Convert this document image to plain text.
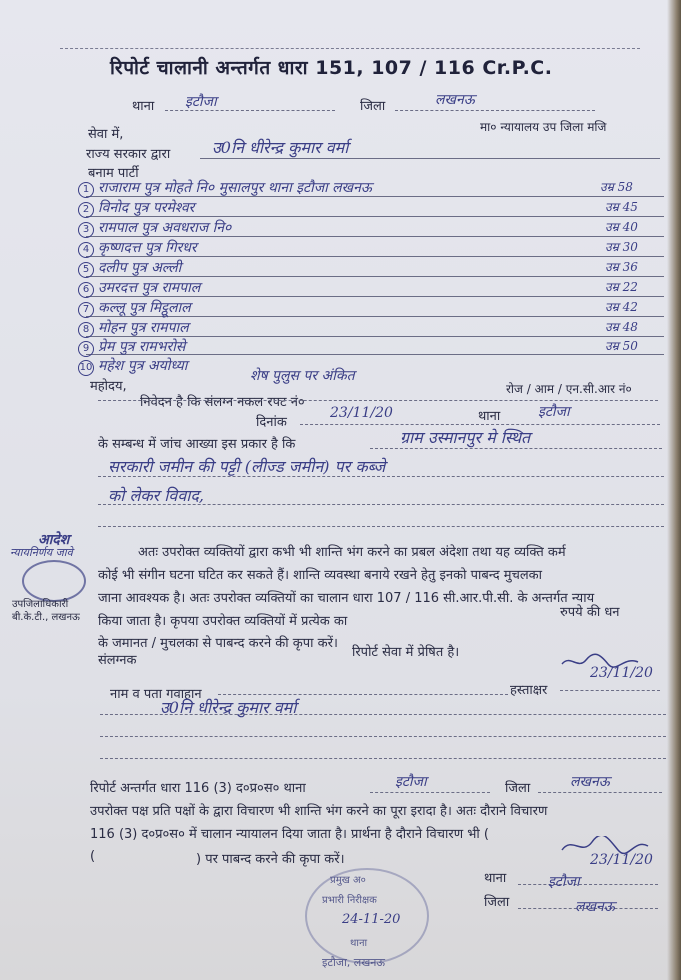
रिपोर्ट चालानी अन्तर्गत धारा 151, 107 / 116 Cr.P.C.
थाना इटौजा	जिला	लखनऊ
मा० न्यायालय उप जिला मजि
सेवा में,
राज्य सरकार द्वारा	उ0नि धीरेन्द्र कुमार वर्मा
बनाम पार्टी
1 राजाराम पुत्र मोहते नि० मुसालपुर थाना इटौजा लखनऊ	उम्र 58
2 विनोद पुत्र परमेश्वर	उम्र 45
3 रामपाल पुत्र अवधराज नि०	उम्र 40
4 कृष्णदत्त पुत्र गिरधर	उम्र 30
5 दलीप पुत्र अल्ली	उम्र 36
6 उमरदत्त पुत्र रामपाल	उम्र 22
7 कल्लू पुत्र मिट्ठूलाल	उम्र 42
8 मोहन पुत्र रामपाल	उम्र 48
9 प्रेम पुत्र रामभरोसे	उम्र 50
10 महेश पुत्र अयोध्या
महोदय,
शेष पुलुस पर अंकित
निवेदन है कि संलग्न नकल रपट नं०
रोज / आम / एन.सी.आर नं०
दिनांक
23/11/20	थाना	इटौजा
के सम्बन्ध में जांच आख्या इस प्रकार है कि	ग्राम उस्मानपुर मे स्थित
सरकारी जमीन की पट्टी (लीज्ड जमीन) पर कब्जे
को लेकर विवाद,
आदेश
न्यायनिर्णय जावे
उपजिलाधिकारी
बी.के.टी., लखनऊ
अतः उपरोक्त व्यक्तियों द्वारा कभी भी शान्ति भंग करने का प्रबल अंदेशा तथा यह व्यक्ति कर्म
कोई भी संगीन घटना घटित कर सकते हैं। शान्ति व्यवस्था बनाये रखने हेतु इनको पाबन्द मुचलका
जाना आवश्यक है। अतः उपरोक्त व्यक्तियों का चालान धारा 107 / 116 सी.आर.पी.सी. के अन्तर्गत न्याय
किया जाता है। कृपया उपरोक्त व्यक्तियों में प्रत्येक का
रुपये की धन
के जमानत / मुचलका से पाबन्द करने की कृपा करें।
संलग्नक
रिपोर्ट सेवा में प्रेषित है।
23/11/20
नाम व पता गवाहान	हस्ताक्षर
उ0नि धीरेन्द्र कुमार वर्मा
रिपोर्ट अन्तर्गत धारा 116 (3) द०प्र०स० थाना	इटौजा	जिला	लखनऊ
उपरोक्त पक्ष प्रति पक्षों के द्वारा विचारण भी शान्ति भंग करने का पूरा इरादा है। अतः दौराने विचारण
116 (3) द०प्र०स० में चालान न्यायालन दिया जाता है। प्रार्थना है दौराने विचारण भी (
(	) पर पाबन्द करने की कृपा करें।	23/11/20
थाना	इटौजा
जिला	लखनऊ
प्रमुख अ०
प्रभारी निरीक्षक
थाना
24-11-20
इटौजा, लखनऊ
